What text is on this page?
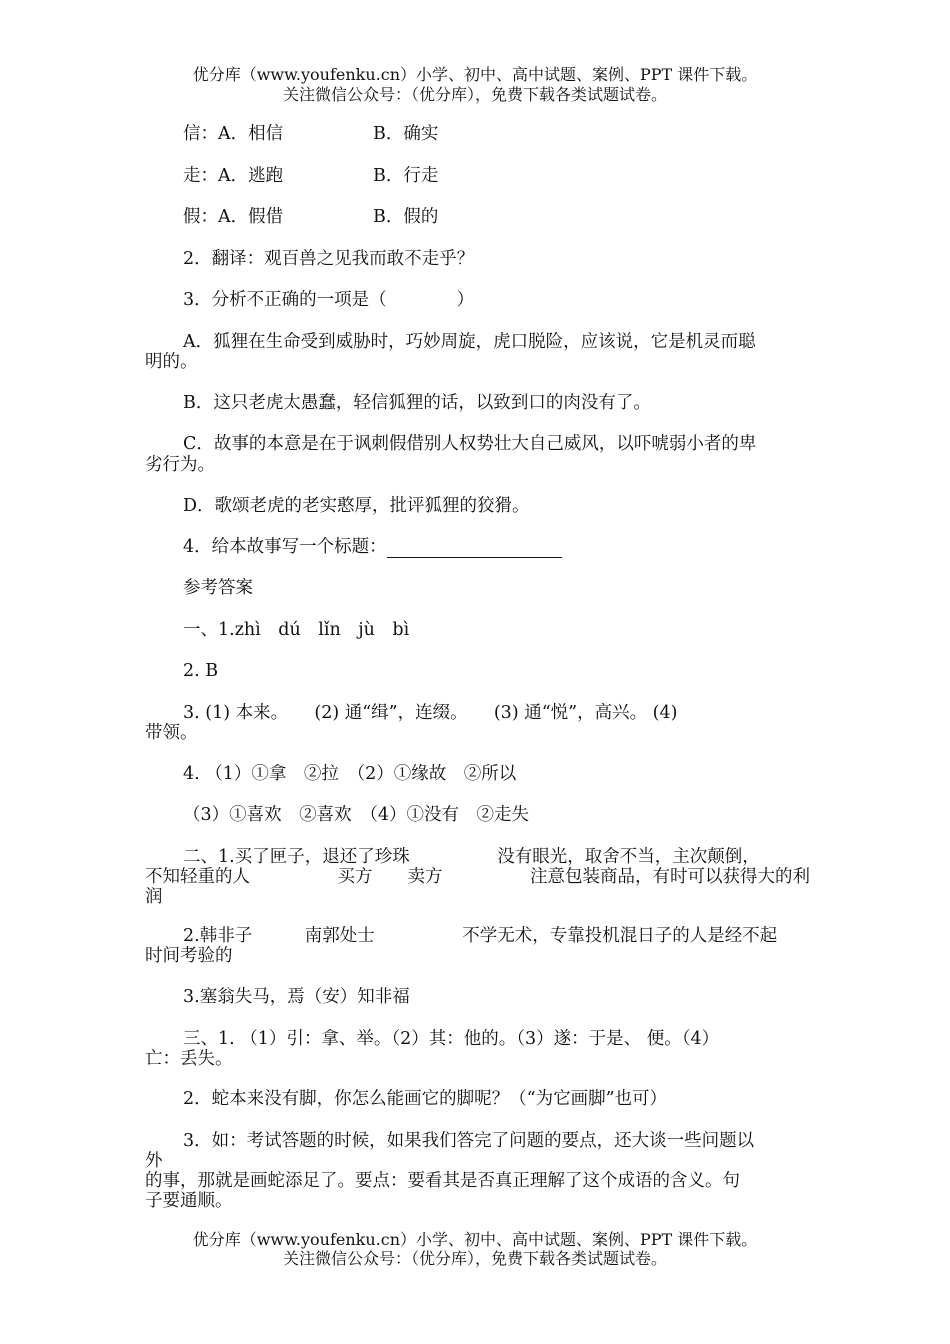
优分库（www.youfenku.cn）小学、初中、高中试题、案例、PPT 课件下载。
关注微信公众号：（优分库），免费下载各类试题试卷。
信：A．相信	B．确实
走：A．逃跑	B．行走
假：A．假借	B．假的
2．翻译：观百兽之见我而敢不走乎？
3．分析不正确的一项是（　　　　）
A．狐狸在生命受到威胁时，巧妙周旋，虎口脱险，应该说，它是机灵而聪
明的。
B．这只老虎太愚蠢，轻信狐狸的话，以致到口的肉没有了。
C．故事的本意是在于讽刺假借别人权势壮大自己威风，以吓唬弱小者的卑
劣行为。
D．歌颂老虎的老实憨厚，批评狐狸的狡猾。
4．给本故事写一个标题：
参考答案
一、1.zhì　dú　lǐn　jù　bì
2. B
3. (1) 本来。　　(2) 通“缉”，连缀。　　(3) 通“悦”，高兴。 (4)
带领。
4. （1）①拿　②拉　（2）①缘故　②所以
（3）①喜欢　②喜欢　（4）①没有　②走失
二、1.买了匣子，退还了珍珠　　　　　没有眼光，取舍不当，主次颠倒，
不知轻重的人　　　　　买方　　卖方　　　　　注意包装商品，有时可以获得大的利
润
2.韩非子　　　南郭处士　　　　　不学无术，专靠投机混日子的人是经不起
时间考验的
3.塞翁失马，焉（安）知非福
三、1. （1）引：拿、举。（2）其：他的。（3）遂：于是、 便。（4）
亡：丢失。
2．蛇本来没有脚，你怎么能画它的脚呢？（“为它画脚”也可）
3．如：考试答题的时候，如果我们答完了问题的要点，还大谈一些问题以
外
的事，那就是画蛇添足了。要点：要看其是否真正理解了这个成语的含义。句
子要通顺。
优分库（www.youfenku.cn）小学、初中、高中试题、案例、PPT 课件下载。
关注微信公众号：（优分库），免费下载各类试题试卷。
